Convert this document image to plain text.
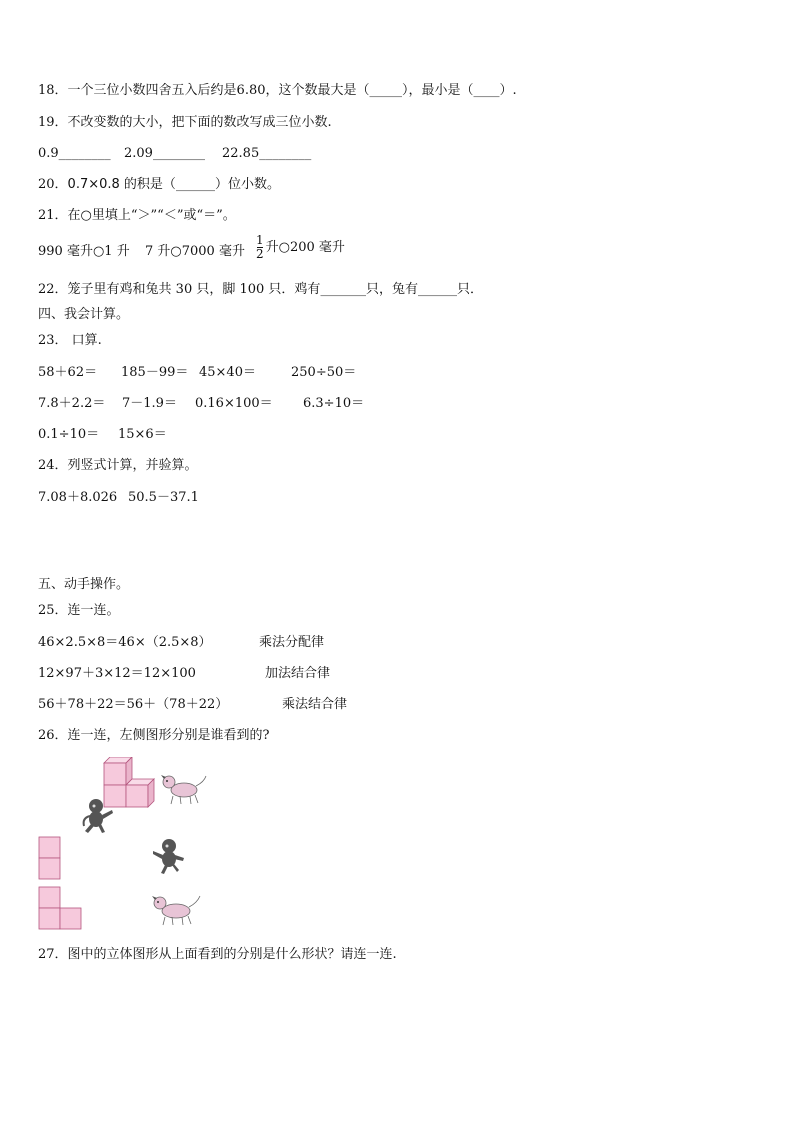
18．一个三位小数四舍五入后约是6.80，这个数最大是（_____），最小是（____）.
19．不改变数的大小，把下面的数改写成三位小数.
0.9________ 2.09________ 22.85________
20．0.7×0.8 的积是（______）位小数。
21．在○里填上“＞”“＜”或“＝”。
990 毫升○1 升 7 升○7000 毫升 $\frac{1}{2}$ 升○200 毫升
22．笼子里有鸡和兔共 30 只，脚 100 只．鸡有_______只，兔有______只．
四、我会计算。
23． 口算.
58＋62＝ 185－99＝ 45×40＝	250÷50＝
7.8＋2.2＝ 7－1.9＝ 0.16×100＝ 6.3÷10＝
0.1÷10＝ 15×6＝
24．列竖式计算，并验算。
7.08＋8.026 50.5－37.1
五、动手操作。
25．连一连。
46×2.5×8＝46×（2.5×8）	乘法分配律
12×97＋3×12＝12×100	加法结合律
56＋78＋22＝56＋（78＋22）	乘法结合律
26．连一连，左侧图形分别是谁看到的?
27．图中的立体图形从上面看到的分别是什么形状？请连一连.
